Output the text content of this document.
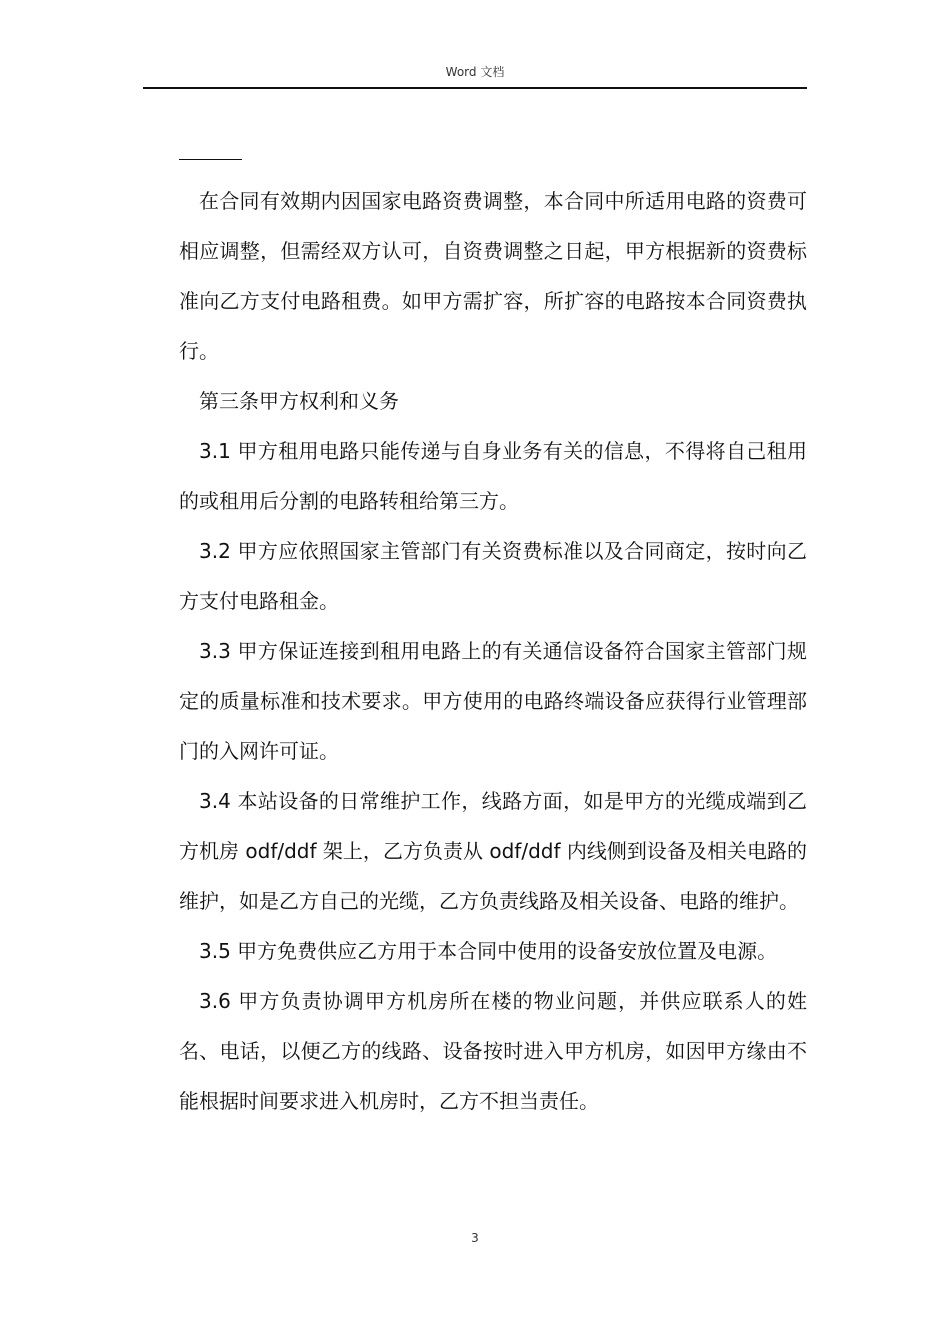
Word 文档

在合同有效期内因国家电路资费调整，本合同中所适用电路的资费可相应调整，但需经双方认可，自资费调整之日起，甲方根据新的资费标准向乙方支付电路租费。如甲方需扩容，所扩容的电路按本合同资费执行。

第三条甲方权利和义务

3.1 甲方租用电路只能传递与自身业务有关的信息，不得将自己租用的或租用后分割的电路转租给第三方。

3.2 甲方应依照国家主管部门有关资费标准以及合同商定，按时向乙方支付电路租金。

3.3 甲方保证连接到租用电路上的有关通信设备符合国家主管部门规定的质量标准和技术要求。甲方使用的电路终端设备应获得行业管理部门的入网许可证。

3.4 本站设备的日常维护工作，线路方面，如是甲方的光缆成端到乙方机房 odf/ddf 架上，乙方负责从 odf/ddf 内线侧到设备及相关电路的维护，如是乙方自己的光缆，乙方负责线路及相关设备、电路的维护。

3.5 甲方免费供应乙方用于本合同中使用的设备安放位置及电源。

3.6 甲方负责协调甲方机房所在楼的物业问题，并供应联系人的姓名、电话，以便乙方的线路、设备按时进入甲方机房，如因甲方缘由不能根据时间要求进入机房时，乙方不担当责任。

3
